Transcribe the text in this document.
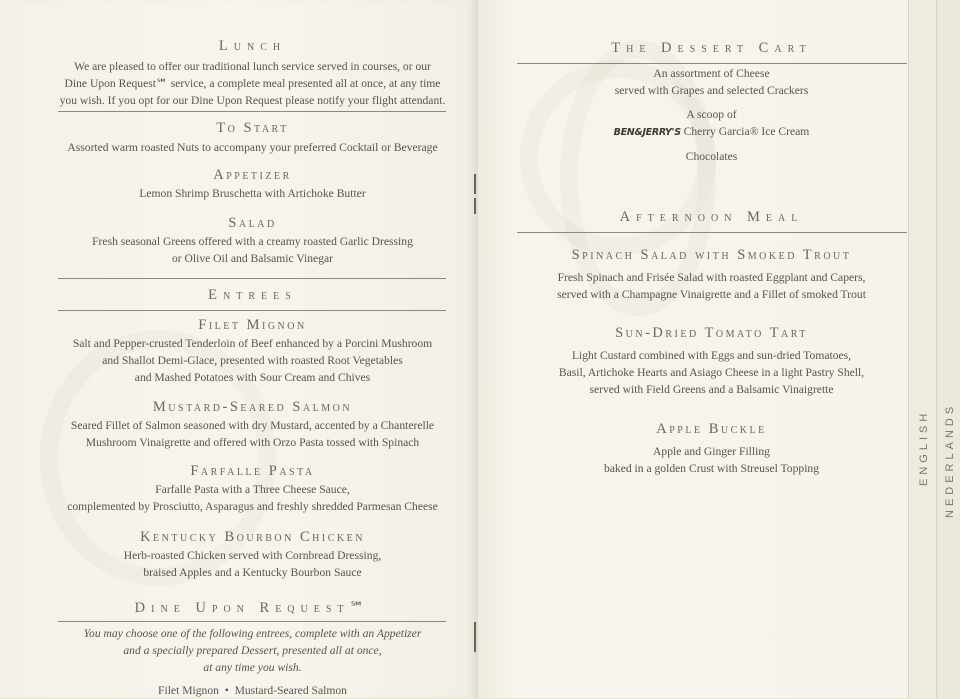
Lunch
We are pleased to offer our traditional lunch service served in courses, or our
Dine Upon Request℠ service, a complete meal presented all at once, at any time
you wish. If you opt for our Dine Upon Request please notify your flight attendant.
To Start
Assorted warm roasted Nuts to accompany your preferred Cocktail or Beverage
Appetizer
Lemon Shrimp Bruschetta with Artichoke Butter
Salad
Fresh seasonal Greens offered with a creamy roasted Garlic Dressing
or Olive Oil and Balsamic Vinegar
Entrees
Filet Mignon
Salt and Pepper-crusted Tenderloin of Beef enhanced by a Porcini Mushroom
and Shallot Demi-Glace, presented with roasted Root Vegetables
and Mashed Potatoes with Sour Cream and Chives
Mustard-Seared Salmon
Seared Fillet of Salmon seasoned with dry Mustard, accented by a Chanterelle
Mushroom Vinaigrette and offered with Orzo Pasta tossed with Spinach
Farfalle Pasta
Farfalle Pasta with a Three Cheese Sauce,
complemented by Prosciutto, Asparagus and freshly shredded Parmesan Cheese
Kentucky Bourbon Chicken
Herb-roasted Chicken served with Cornbread Dressing,
braised Apples and a Kentucky Bourbon Sauce
Dine Upon Request℠
You may choose one of the following entrees, complete with an Appetizer
and a specially prepared Dessert, presented all at once,
at any time you wish.
Filet Mignon  •  Mustard-Seared Salmon
The Dessert Cart
An assortment of Cheese
served with Grapes and selected Crackers
A scoop of
BEN&JERRY'S Cherry Garcia® Ice Cream
Chocolates
Afternoon Meal
Spinach Salad with Smoked Trout
Fresh Spinach and Frisée Salad with roasted Eggplant and Capers,
served with a Champagne Vinaigrette and a Fillet of smoked Trout
Sun-Dried Tomato Tart
Light Custard combined with Eggs and sun-dried Tomatoes,
Basil, Artichoke Hearts and Asiago Cheese in a light Pastry Shell,
served with Field Greens and a Balsamic Vinaigrette
Apple Buckle
Apple and Ginger Filling
baked in a golden Crust with Streusel Topping	ENGLISH NEDERLANDS
